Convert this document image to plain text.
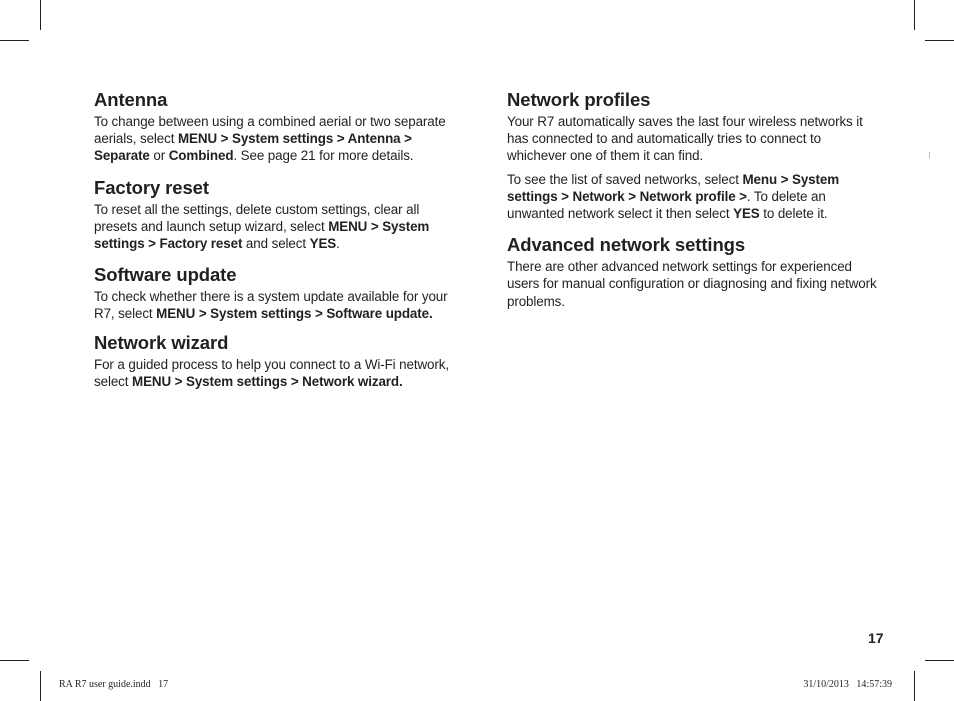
Antenna

To change between using a combined aerial or two separate aerials, select MENU > System settings > Antenna > Separate or Combined. See page 21 for more details.

Factory reset

To reset all the settings, delete custom settings, clear all presets and launch setup wizard, select MENU > System settings > Factory reset and select YES.

Software update

To check whether there is a system update available for your R7, select MENU > System settings > Software update.

Network wizard

For a guided process to help you connect to a Wi-Fi network, select MENU > System settings > Network wizard.

Network profiles

Your R7 automatically saves the last four wireless networks it has connected to and automatically tries to connect to whichever one of them it can find.

To see the list of saved networks, select Menu > System settings > Network > Network profile >. To delete an unwanted network select it then select YES to delete it.

Advanced network settings

There are other advanced network settings for experienced users for manual configuration or diagnosing and fixing network problems.

17
RA R7 user guide.indd   17	31/10/2013   14:57:39
